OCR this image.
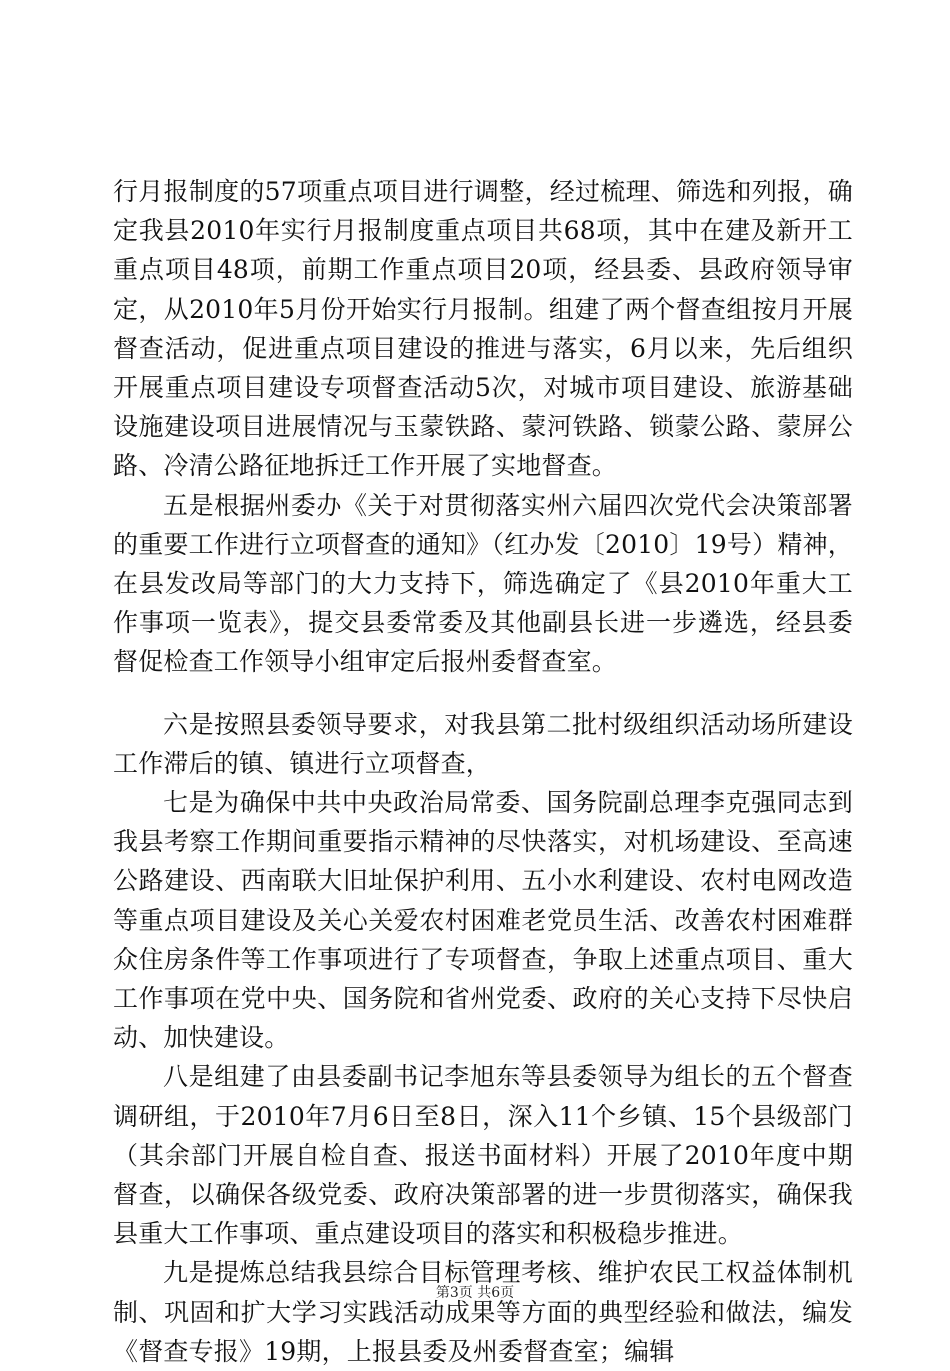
行月报制度的57项重点项目进行调整，经过梳理、筛选和列报，确定我县2010年实行月报制度重点项目共68项，其中在建及新开工重点项目48项，前期工作重点项目20项，经县委、县政府领导审定，从2010年5月份开始实行月报制。组建了两个督查组按月开展督查活动，促进重点项目建设的推进与落实，6月以来，先后组织开展重点项目建设专项督查活动5次，对城市项目建设、旅游基础设施建设项目进展情况与玉蒙铁路、蒙河铁路、锁蒙公路、蒙屏公路、冷清公路征地拆迁工作开展了实地督查。

五是根据州委办《关于对贯彻落实州六届四次党代会决策部署的重要工作进行立项督查的通知》（红办发〔2010〕19号）精神，在县发改局等部门的大力支持下，筛选确定了《县2010年重大工作事项一览表》，提交县委常委及其他副县长进一步遴选，经县委督促检查工作领导小组审定后报州委督查室。

六是按照县委领导要求，对我县第二批村级组织活动场所建设工作滞后的镇、镇进行立项督查，

七是为确保中共中央政治局常委、国务院副总理李克强同志到我县考察工作期间重要指示精神的尽快落实，对机场建设、至高速公路建设、西南联大旧址保护利用、五小水利建设、农村电网改造等重点项目建设及关心关爱农村困难老党员生活、改善农村困难群众住房条件等工作事项进行了专项督查，争取上述重点项目、重大工作事项在党中央、国务院和省州党委、政府的关心支持下尽快启动、加快建设。

八是组建了由县委副书记李旭东等县委领导为组长的五个督查调研组，于2010年7月6日至8日，深入11个乡镇、15个县级部门（其余部门开展自检自查、报送书面材料）开展了2010年度中期督查，以确保各级党委、政府决策部署的进一步贯彻落实，确保我县重大工作事项、重点建设项目的落实和积极稳步推进。

九是提炼总结我县综合目标管理考核、维护农民工权益体制机制、巩固和扩大学习实践活动成果等方面的典型经验和做法，编发《督查专报》19期，上报县委及州委督查室；编辑

第3页 共6页
